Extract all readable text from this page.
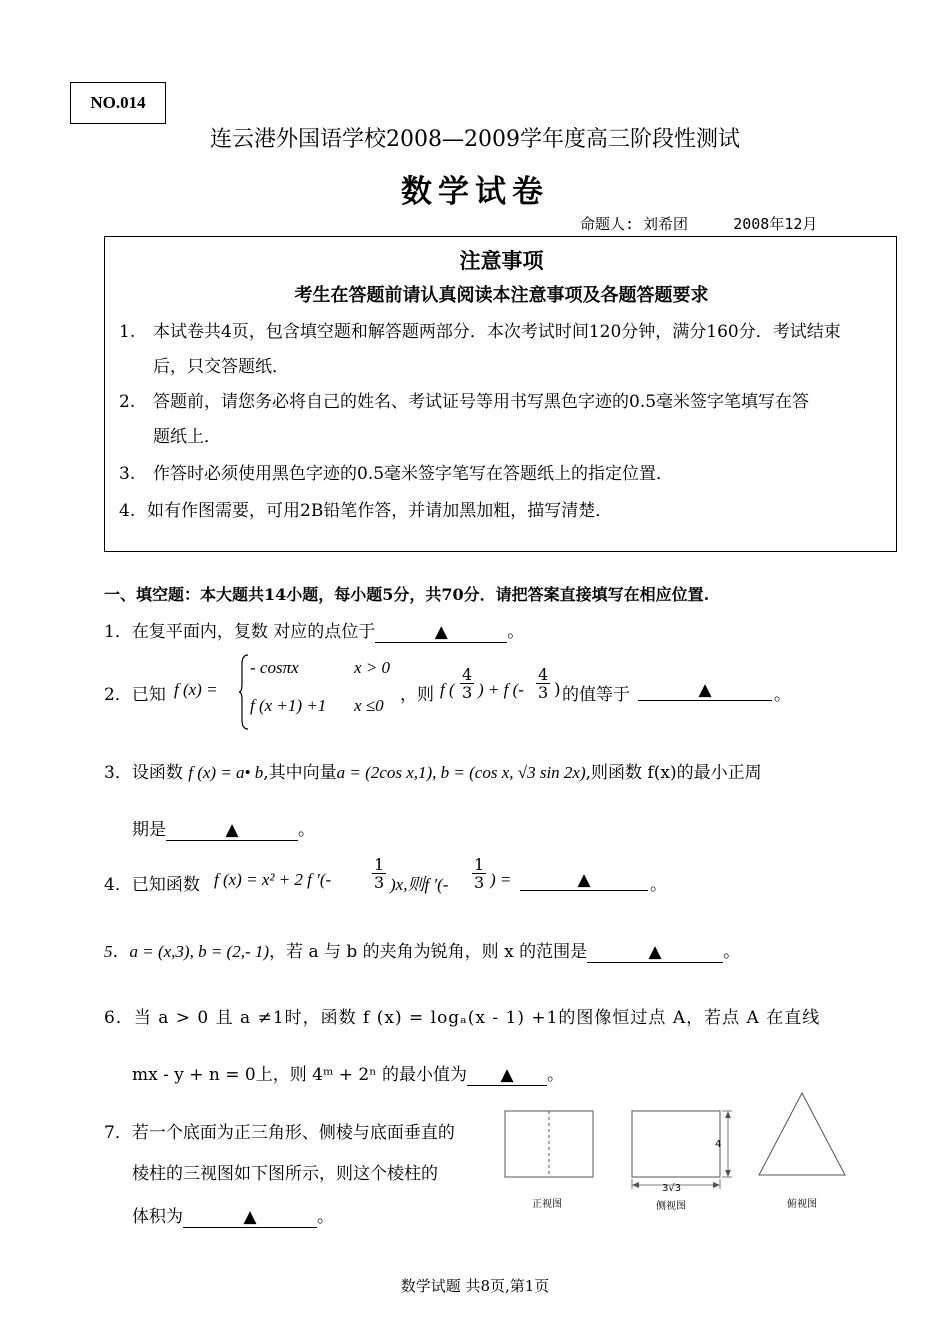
NO.014
连云港外国语学校2008—2009学年度高三阶段性测试
数学试卷
命题人: 刘希团     2008年12月
注意事项
考生在答题前请认真阅读本注意事项及各题答题要求
1.	本试卷共4页，包含填空题和解答题两部分．本次考试时间120分钟，满分160分．考试结束
后，只交答题纸．
2.	答题前，请您务必将自己的姓名、考试证号等用书写黑色字迹的0.5毫米签字笔填写在答
题纸上．
3.	作答时必须使用黑色字迹的0.5毫米签字笔写在答题纸上的指定位置．
4. 如有作图需要，可用2B铅笔作答，并请加黑加粗，描写清楚．
一、填空题：本大题共14小题，每小题5分，共70分．请把答案直接填写在相应位置.
1．在复平面内，复数 对应的点位于	▲	。
2．已知 f (x) =
- cosπx	x > 0
f (x +1) +1 x ≤0
，则 f ( $\frac{4}{3}$ ) + f (- $\frac{4}{3}$ ) 的值等于	▲	。
3．设函数 f (x) = a• b,其中向量a = (2cos x,1), b = (cos x, √3 sin 2x),则函数 f(x)的最小正周
期是	▲	。
4．已知函数 f (x) = x² + 2 f ′(-	$\frac{1}{3} )x$,则f ′(- $\frac{1}{3}$ ) =	▲	。
5．a = (x,3), b = (2,- 1)，若 a 与 b 的夹角为锐角，则 x 的范围是	▲	。
6．当 a > 0 且 a ≠1时，函数 f (x) = logₐ(x - 1) +1的图像恒过点 A，若点 A 在直线
mx - y + n = 0上，则 4ᵐ + 2ⁿ 的最小值为 ▲ 。
7．若一个底面为正三角形、侧棱与底面垂直的
棱柱的三视图如下图所示，则这个棱柱的
体积为	▲	。
4
3√3
正视图	侧视图	俯视图
数学试题 共8页,第1页
